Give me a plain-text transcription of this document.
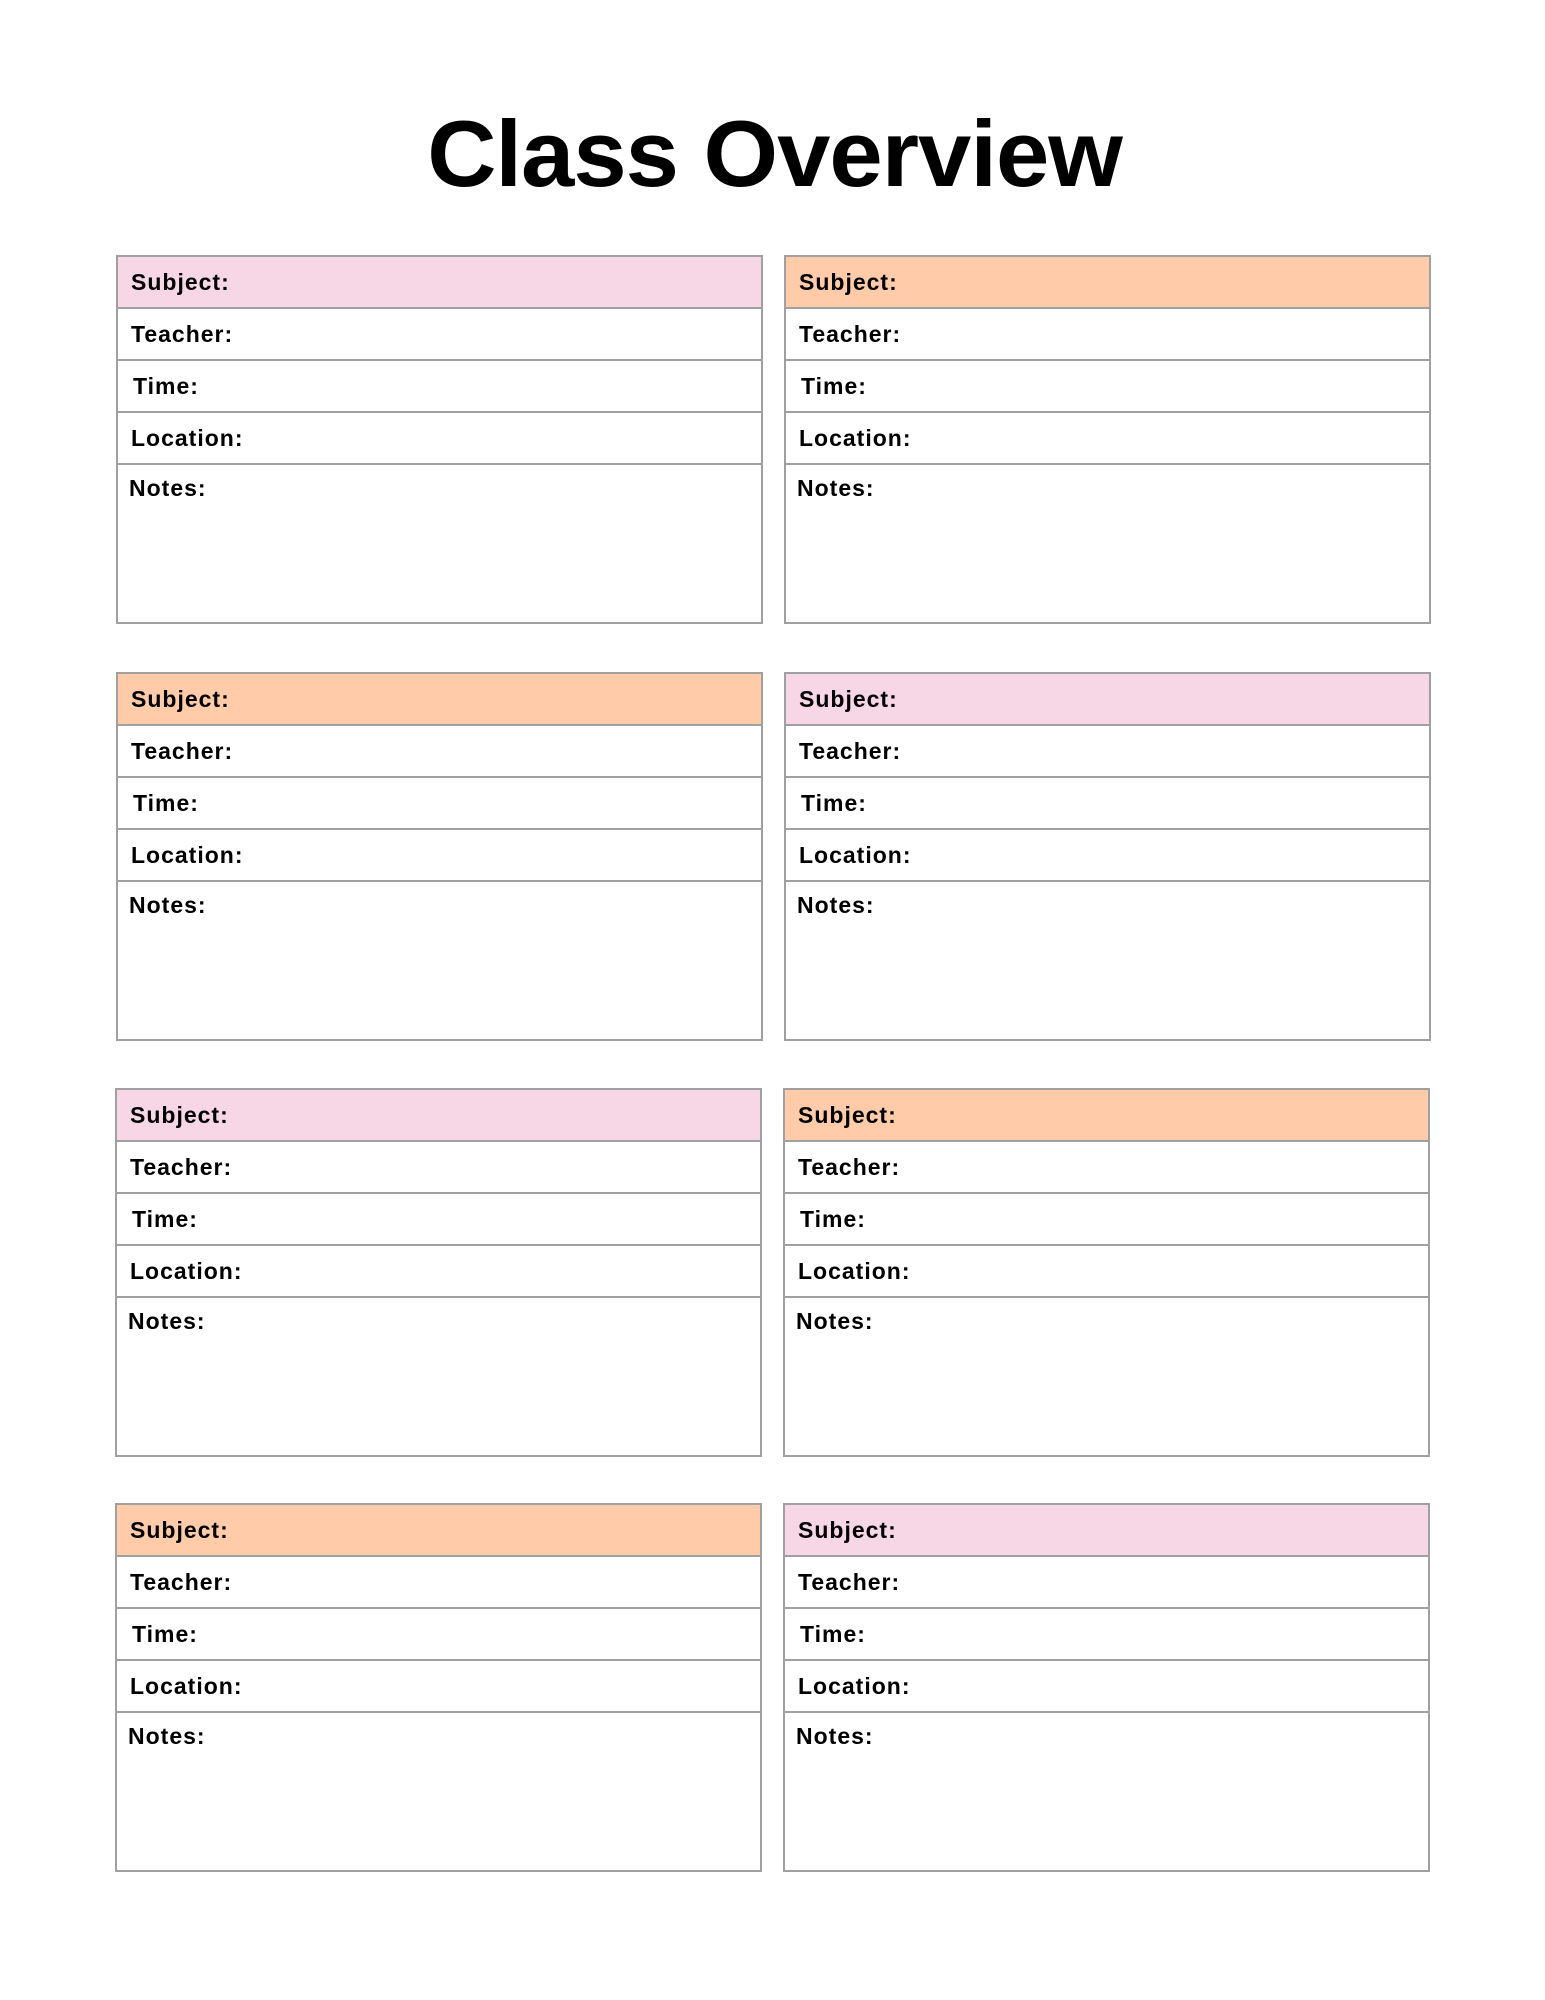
Class Overview
Subject:
Teacher:
Time:
Location:
Notes:
Subject:
Teacher:
Time:
Location:
Notes:
Subject:
Teacher:
Time:
Location:
Notes:
Subject:
Teacher:
Time:
Location:
Notes:
Subject:
Teacher:
Time:
Location:
Notes:
Subject:
Teacher:
Time:
Location:
Notes:
Subject:
Teacher:
Time:
Location:
Notes:
Subject:
Teacher:
Time:
Location:
Notes:
